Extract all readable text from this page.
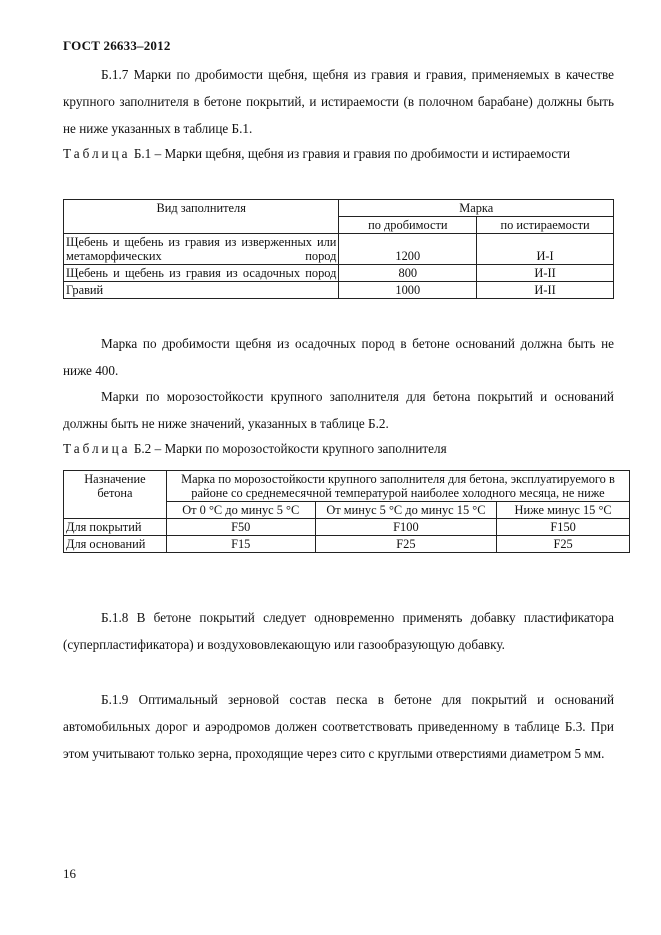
ГОСТ 26633–2012

Б.1.7 Марки по дробимости щебня, щебня из гравия и гравия, применяемых в качестве крупного заполнителя в бетоне покрытий, и истираемости (в полочном барабане) должны быть не ниже указанных в таблице Б.1.

Таблица Б.1 – Марки щебня, щебня из гравия и гравия по дробимости и истираемости

Вид заполнителя	Марка	
	по дробимости	по истираемости
Щебень и щебень из гравия из изверженных или метаморфических пород	1200	И-I
Щебень и щебень из гравия из осадочных пород	800	И-II
Гравий	1000	И-II

Марка по дробимости щебня из осадочных пород в бетоне оснований должна быть не ниже 400.

Марки по морозостойкости крупного заполнителя для бетона покрытий и оснований должны быть не ниже значений, указанных в таблице Б.2.

Таблица Б.2 – Марки по морозостойкости крупного заполнителя

Назначение бетона	Марка по морозостойкости крупного заполнителя для бетона, эксплуатируемого в районе со среднемесячной температурой наиболее холодного месяца, не ниже		
	От 0 °С до минус 5 °С	От минус 5 °С до минус 15 °С	Ниже минус 15 °С
Для покрытий	F50	F100	F150
Для оснований	F15	F25	F25

Б.1.8 В бетоне покрытий следует одновременно применять добавку пластификатора (суперпластификатора) и воздухововлекающую или газообразующую добавку.

Б.1.9 Оптимальный зерновой состав песка в бетоне для покрытий и оснований автомобильных дорог и аэродромов должен соответствовать приведенному в таблице Б.3. При этом учитывают только зерна, проходящие через сито с круглыми отверстиями диаметром 5 мм.

16
